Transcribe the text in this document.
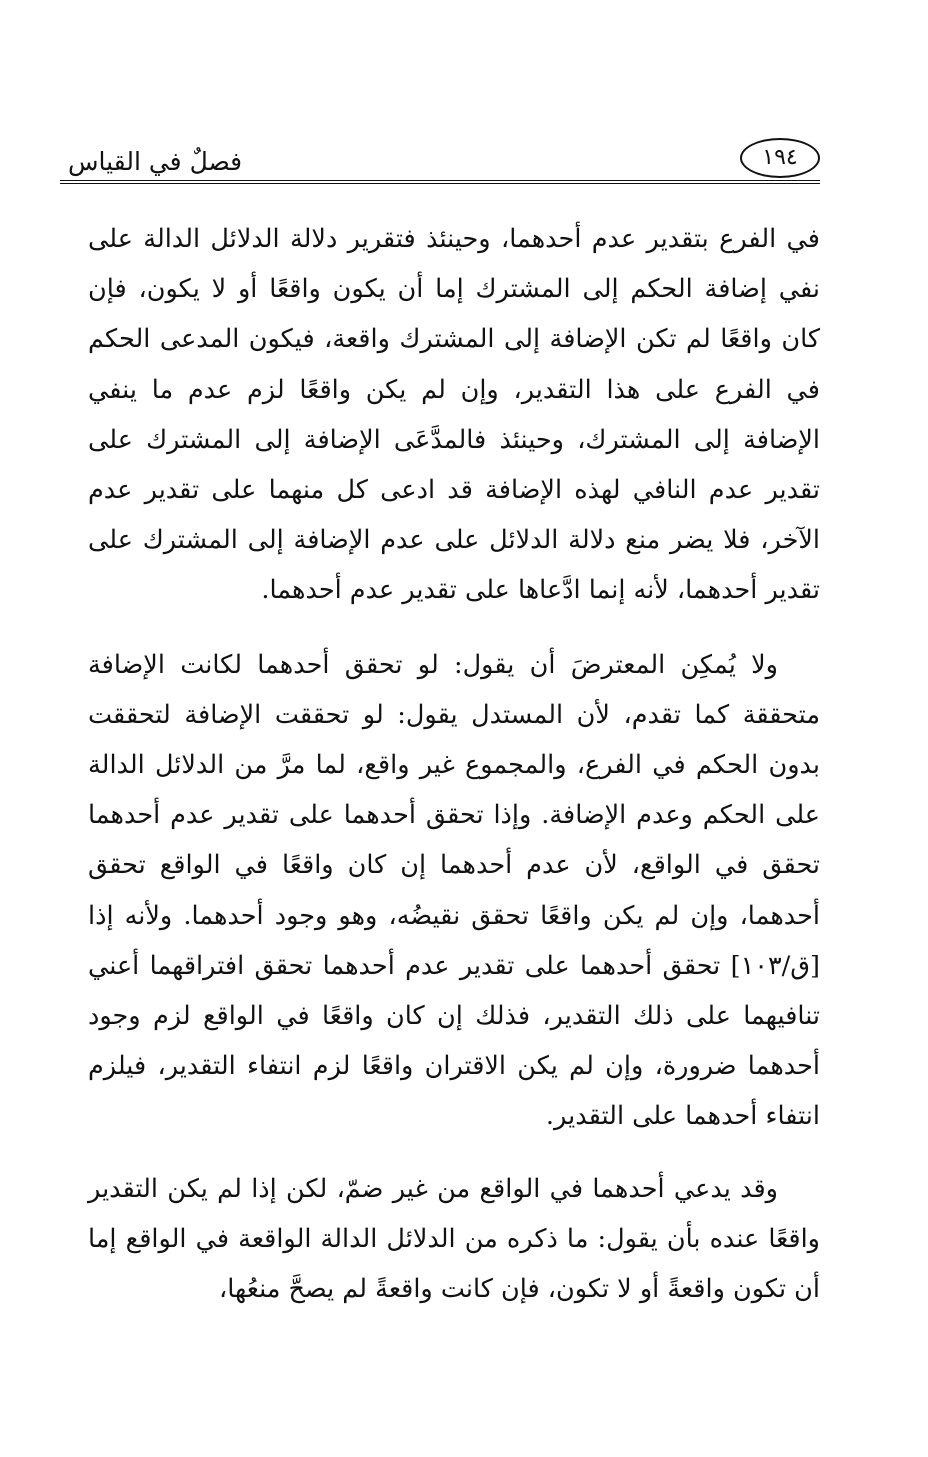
فصلٌ في القياس	١٩٤

في الفرع بتقدير عدم أحدهما، وحينئذ فتقرير دلالة الدلائل الدالة على نفي إضافة الحكم إلى المشترك إما أن يكون واقعًا أو لا يكون، فإن كان واقعًا لم تكن الإضافة إلى المشترك واقعة، فيكون المدعى الحكم في الفرع على هذا التقدير، وإن لم يكن واقعًا لزم عدم ما ينفي الإضافة إلى المشترك، وحينئذ فالمدَّعَى الإضافة إلى المشترك على تقدير عدم النافي لهذه الإضافة قد ادعى كل منهما على تقدير عدم الآخر، فلا يضر منع دلالة الدلائل على عدم الإضافة إلى المشترك على تقدير أحدهما، لأنه إنما ادَّعاها على تقدير عدم أحدهما.

ولا يُمكِن المعترضَ أن يقول: لو تحقق أحدهما لكانت الإضافة متحققة كما تقدم، لأن المستدل يقول: لو تحققت الإضافة لتحققت بدون الحكم في الفرع، والمجموع غير واقع، لما مرَّ من الدلائل الدالة على الحكم وعدم الإضافة. وإذا تحقق أحدهما على تقدير عدم أحدهما تحقق في الواقع، لأن عدم أحدهما إن كان واقعًا في الواقع تحقق أحدهما، وإن لم يكن واقعًا تحقق نقيضُه، وهو وجود أحدهما. ولأنه إذا [ق/١٠٣] تحقق أحدهما على تقدير عدم أحدهما تحقق افتراقهما أعني تنافيهما على ذلك التقدير، فذلك إن كان واقعًا في الواقع لزم وجود أحدهما ضرورة، وإن لم يكن الاقتران واقعًا لزم انتفاء التقدير، فيلزم انتفاء أحدهما على التقدير.

وقد يدعي أحدهما في الواقع من غير ضمّ، لكن إذا لم يكن التقدير واقعًا عنده بأن يقول: ما ذكره من الدلائل الدالة الواقعة في الواقع إما أن تكون واقعةً أو لا تكون، فإن كانت واقعةً لم يصحَّ منعُها،
